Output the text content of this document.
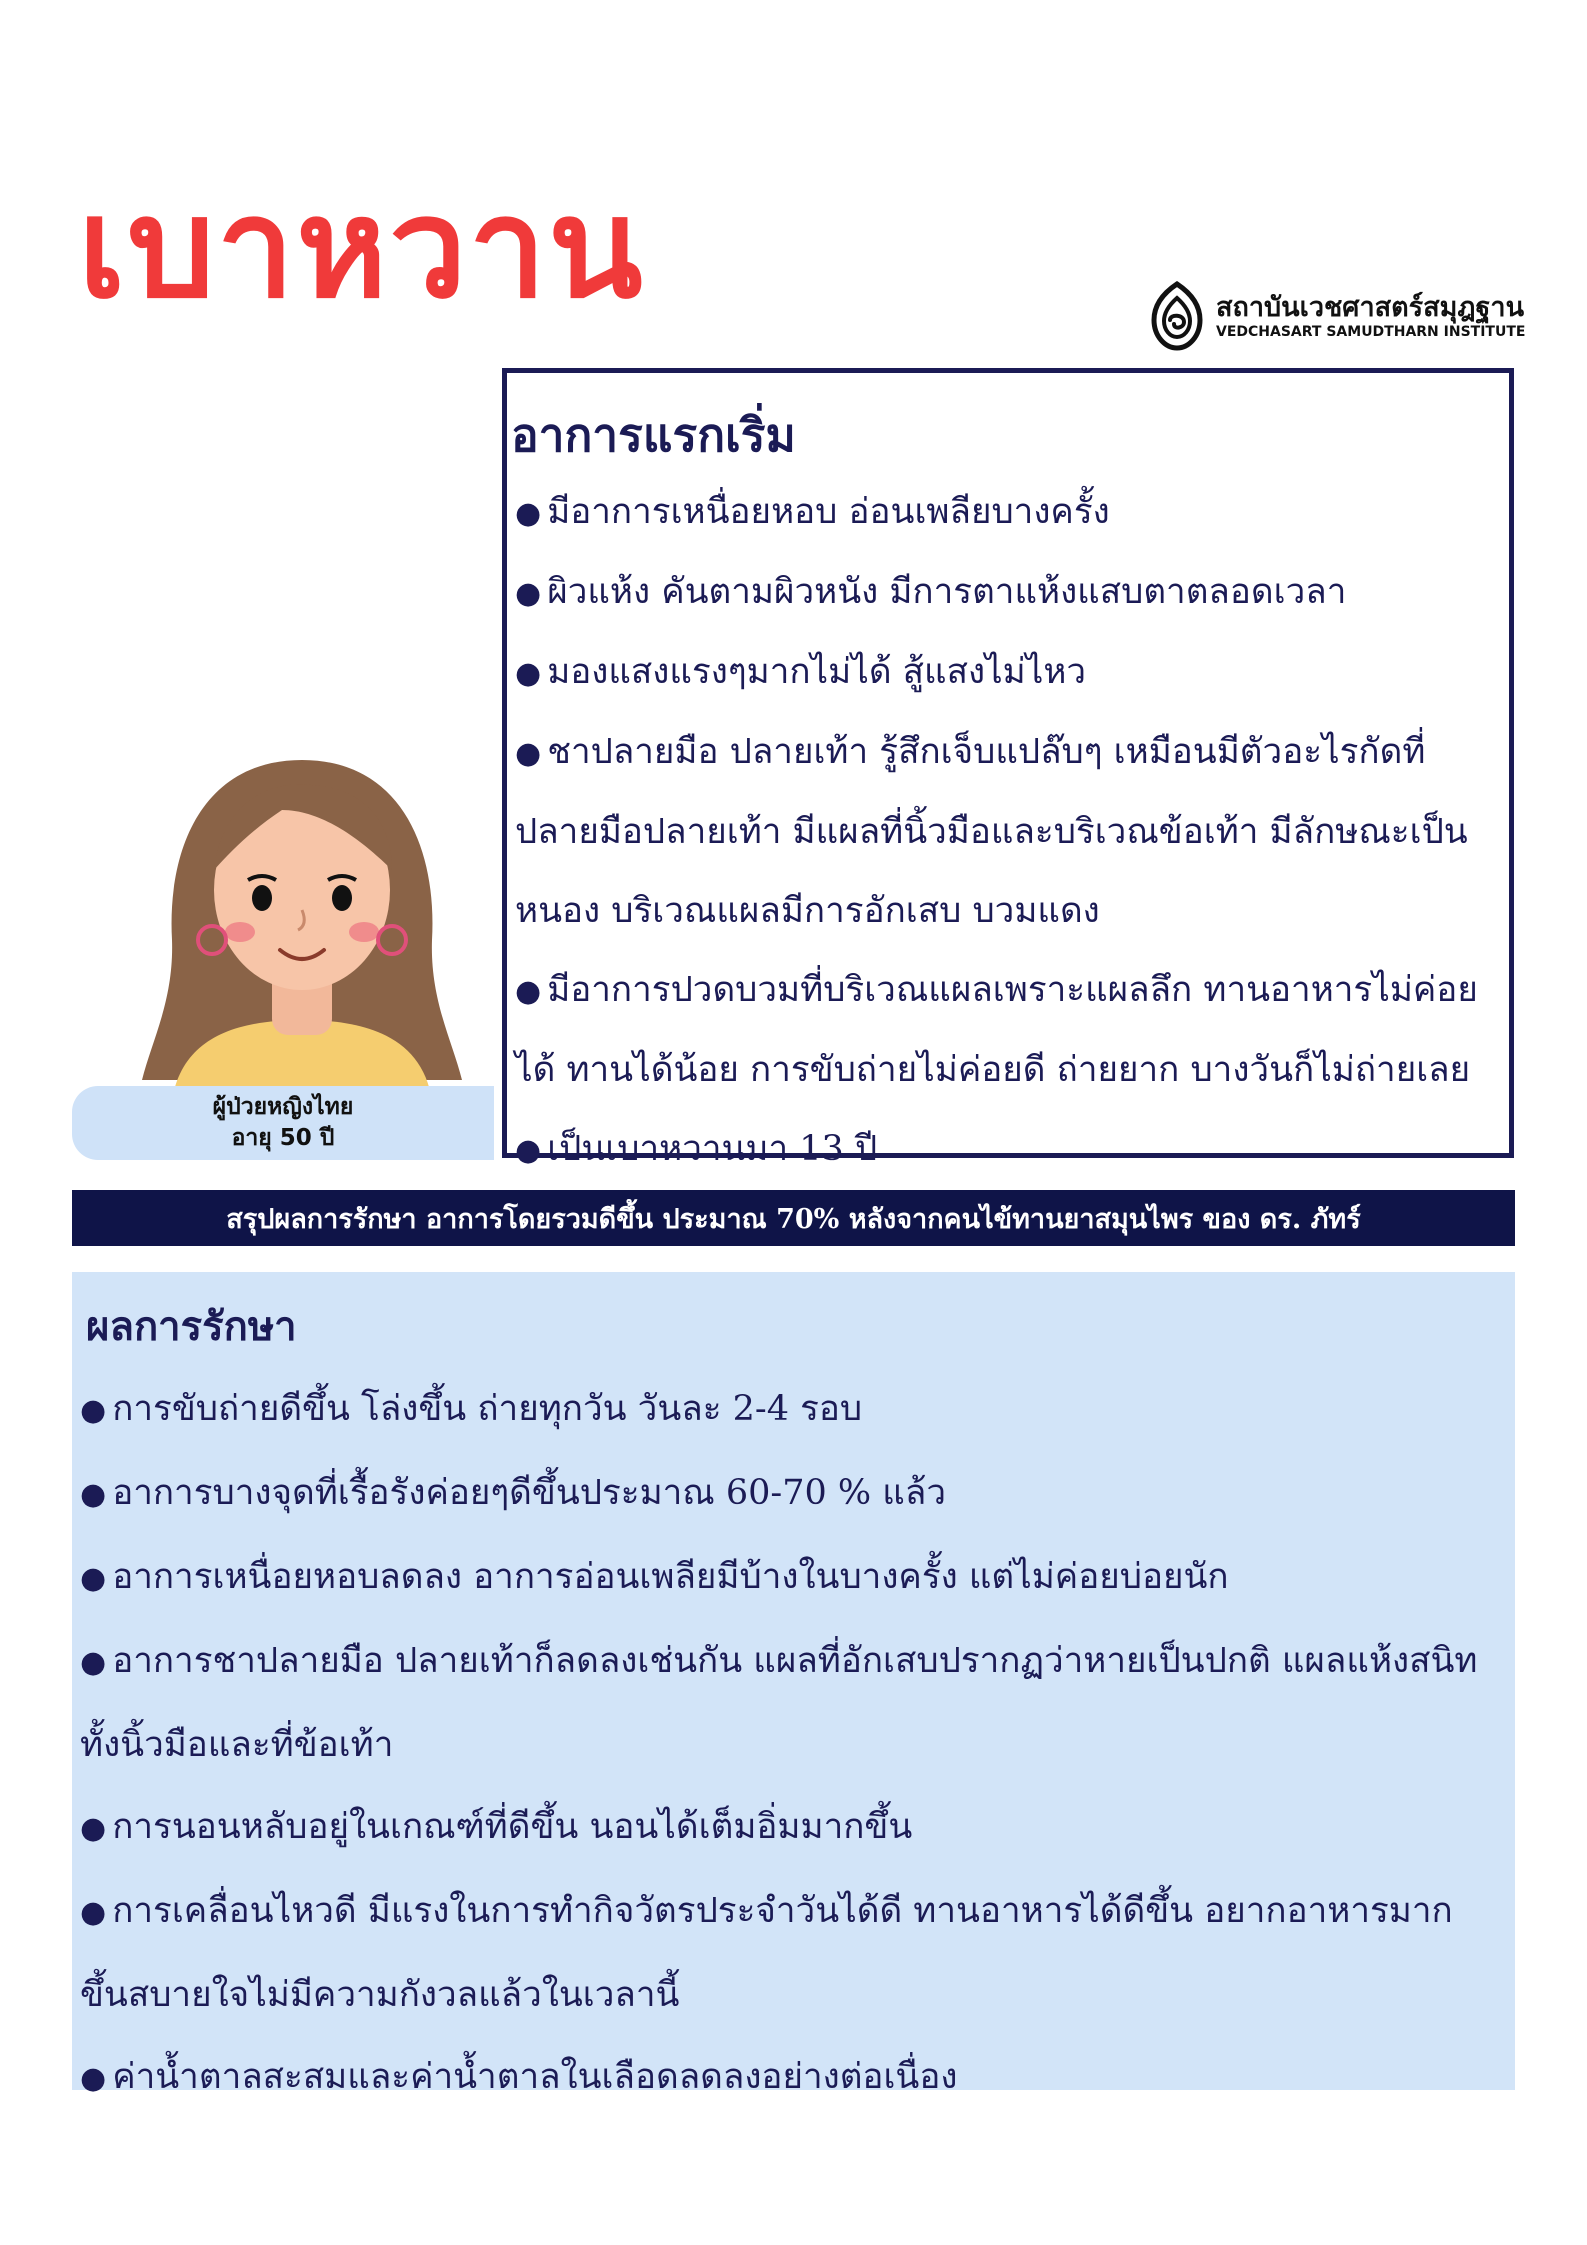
เบาหวาน	สถาบันเวชศาสตร์สมุฎฐาน
VEDCHASART SAMUDTHARN INSTITUTE
อาการแรกเริ่ม
● มีอาการเหนื่อยหอบ อ่อนเพลียบางครั้ง
● ผิวแห้ง คันตามผิวหนัง มีการตาแห้งแสบตาตลอดเวลา
● มองแสงแรงๆมากไม่ได้ สู้แสงไม่ไหว
● ชาปลายมือ ปลายเท้า รู้สึกเจ็บแปล๊บๆ เหมือนมีตัวอะไรกัดที่ปลายมือปลายเท้า มีแผลที่นิ้วมือและบริเวณข้อเท้า มีลักษณะเป็นหนอง บริเวณแผลมีการอักเสบ บวมแดง
● มีอาการปวดบวมที่บริเวณแผลเพราะแผลลึก ทานอาหารไม่ค่อยได้ ทานได้น้อย การขับถ่ายไม่ค่อยดี ถ่ายยาก บางวันก็ไม่ถ่ายเลย
● เป็นเบาหวานมา 13 ปี
ผู้ป่วยหญิงไทย
อายุ 50 ปี
สรุปผลการรักษา อาการโดยรวมดีขึ้น ประมาณ 70% หลังจากคนไข้ทานยาสมุนไพร ของ ดร. ภัทร์
ผลการรักษา
● การขับถ่ายดีขึ้น โล่งขึ้น ถ่ายทุกวัน วันละ 2-4 รอบ
● อาการบางจุดที่เรื้อรังค่อยๆดีขึ้นประมาณ 60-70 % แล้ว
● อาการเหนื่อยหอบลดลง อาการอ่อนเพลียมีบ้างในบางครั้ง แต่ไม่ค่อยบ่อยนัก
● อาการชาปลายมือ ปลายเท้าก็ลดลงเช่นกัน แผลที่อักเสบปรากฏว่าหายเป็นปกติ แผลแห้งสนิท ทั้งนิ้วมือและที่ข้อเท้า
● การนอนหลับอยู่ในเกณฑ์ที่ดีขึ้น นอนได้เต็มอิ่มมากขึ้น
● การเคลื่อนไหวดี มีแรงในการทำกิจวัตรประจำวันได้ดี ทานอาหารได้ดีขึ้น อยากอาหารมากขึ้นสบายใจไม่มีความกังวลแล้วในเวลานี้
● ค่าน้ำตาลสะสมและค่าน้ำตาลในเลือดลดลงอย่างต่อเนื่อง
